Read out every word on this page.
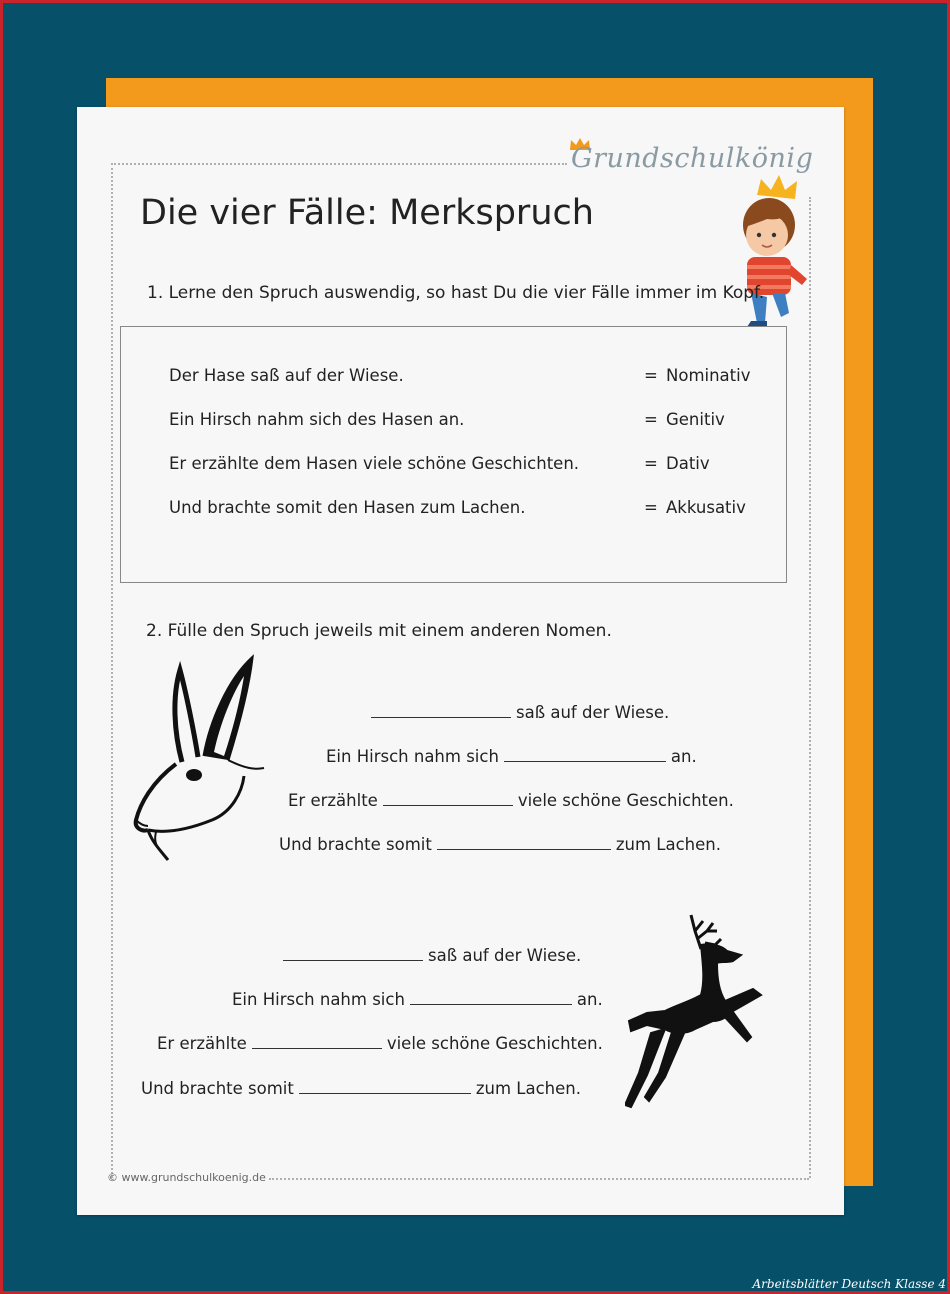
Grundschulkönig
Die vier Fälle: Merkspruch
1. Lerne den Spruch auswendig, so hast Du die vier Fälle immer im Kopf.
Der Hase saß auf der Wiese.	= Nominativ
Ein Hirsch nahm sich des Hasen an.	= Genitiv
Er erzählte dem Hasen viele schöne Geschichten.	= Dativ
Und brachte somit den Hasen zum Lachen.	= Akkusativ
2. Fülle den Spruch jeweils mit einem anderen Nomen.
saß auf der Wiese.
Ein Hirsch nahm sich	an.
Er erzählte	viele schöne Geschichten.
Und brachte somit	zum Lachen.
saß auf der Wiese.
Ein Hirsch nahm sich	an.
Er erzählte	viele schöne Geschichten.
Und brachte somit	zum Lachen.
© www.grundschulkoenig.de
Arbeitsblätter Deutsch Klasse 4
